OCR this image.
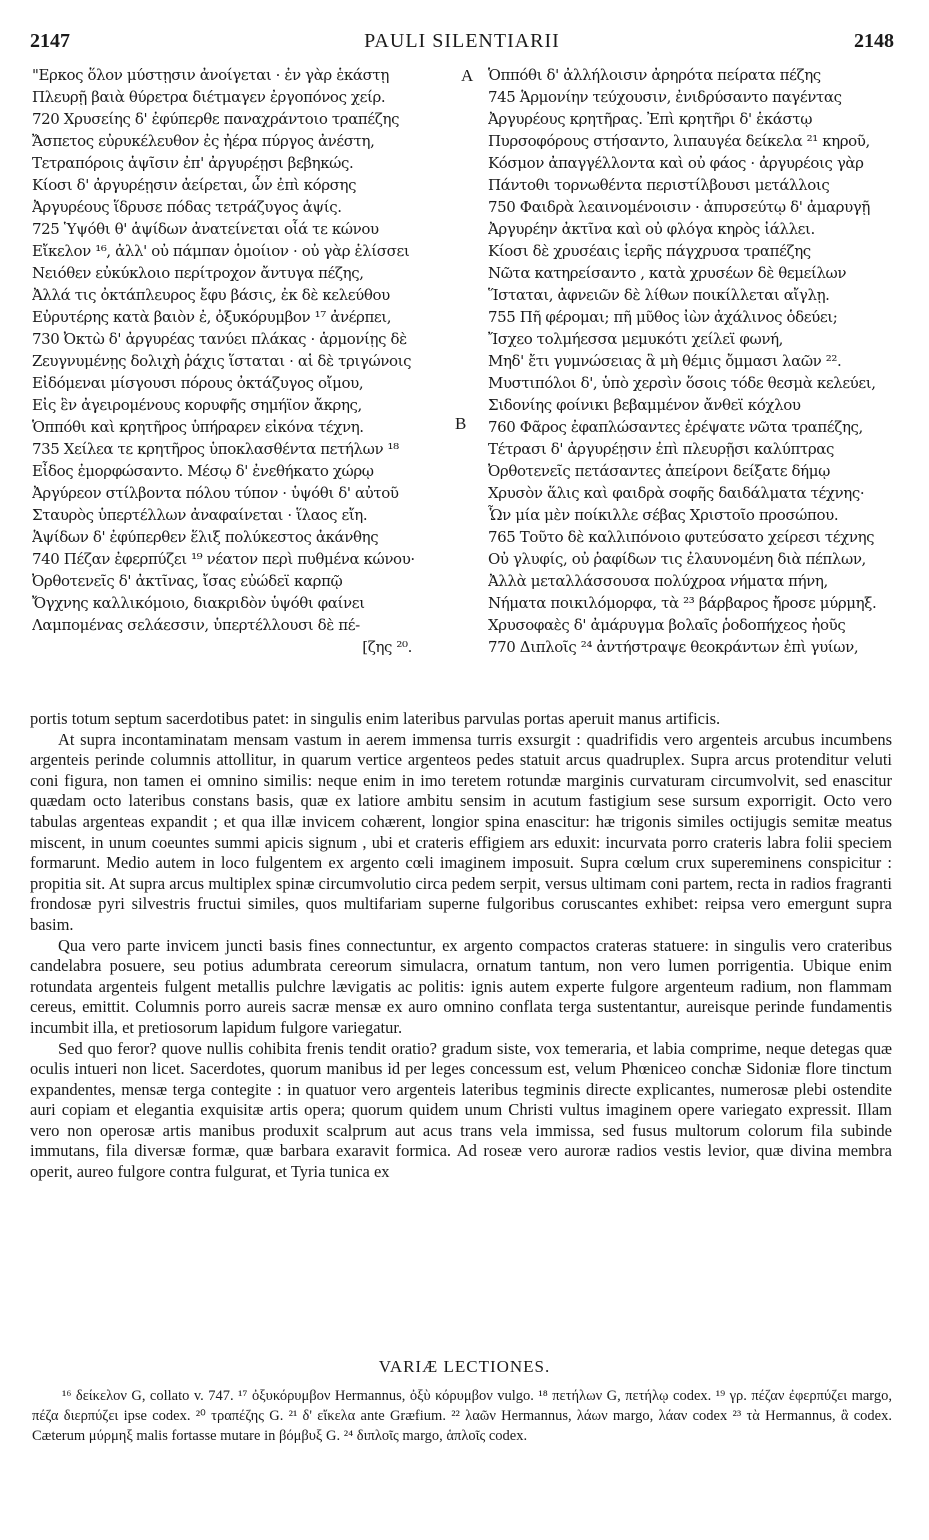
2147	PAULI SILENTIARII	2148
A
B
"Ερκος ὅλον μύστῃσιν ἀνοίγεται · ἐν γὰρ ἑκάστῃ
Πλευρῇ βαιὰ θύρετρα διέτμαγεν ἐργοπόνος χείρ.
720 Χρυσείης δ' ἐφύπερθε παναχράντοιο τραπέζης
Ἄσπετος εὐρυκέλευθον ἐς ἠέρα πύργος ἀνέστη,
Τετραπόροις ἁψῖσιν ἐπ' ἀργυρέῃσι βεβηκώς.
Κίοσι δ' ἀργυρέῃσιν ἀείρεται, ὧν ἐπὶ κόρσης
Ἀργυρέους ἵδρυσε πόδας τετράζυγος ἁψίς.
725 Ὑψόθι θ' ἁψίδων ἀνατείνεται οἷά τε κώνου
Εἴκελον ¹⁶, ἀλλ' οὐ πάμπαν ὁμοίιον · οὐ γὰρ ἑλίσσει
Νειόθεν εὐκύκλοιο περίτροχον ἄντυγα πέζης,
Ἀλλά τις ὀκτάπλευρος ἔφυ βάσις, ἐκ δὲ κελεύθου
Εὐρυτέρης κατὰ βαιὸν ἐ, ὀξυκόρυμβον ¹⁷ ἀνέρπει,
730 Ὀκτὼ δ' ἀργυρέας τανύει πλάκας · ἁρμονίῃς δὲ
Ζευγνυμένῃς δολιχὴ ῥάχις ἵσταται · αἱ δὲ τριγώνοις
Εἰδόμεναι μίσγουσι πόρους ὀκτάζυγος οἴμου,
Εἰς ἓν ἀγειρομένους κορυφῆς σημήϊον ἄκρης,
Ὁππόθι καὶ κρητῆρος ὑπήραρεν εἰκόνα τέχνη.
735 Χείλεα τε κρητῆρος ὑποκλασθέντα πετήλων ¹⁸
Εἶδος ἐμορφώσαντο. Μέσῳ δ' ἐνεθήκατο χώρῳ
Ἀργύρεον στίλβοντα πόλου τύπον · ὑψόθι δ' αὐτοῦ
Σταυρὸς ὑπερτέλλων ἀναφαίνεται · ἵλαος εἴη.
Ἁψίδων δ' ἐφύπερθεν ἕλιξ πολύκεστος ἀκάνθης
740 Πέζαν ἐφερπύζει ¹⁹ νέατον περὶ πυθμένα κώνου·
Ὀρθοτενεῖς δ' ἀκτῖνας, ἴσας εὐώδεϊ καρπῷ
Ὄγχνης καλλικόμοιο, διακριδὸν ὑψόθι φαίνει
Λαμπομένας σελάεσσιν, ὑπερτέλλουσι δὲ πέ-
[ζης ²⁰.
Ὁππόθι δ' ἀλλήλοισιν ἀρηρότα πείρατα πέζης
745 Ἁρμονίην τεύχουσιν, ἐνιδρύσαντο παγέντας
Ἀργυρέους κρητῆρας. Ἐπὶ κρητῆρι δ' ἑκάστῳ
Πυρσοφόρους στήσαντο, λιπαυγέα δείκελα ²¹ κηροῦ,
Κόσμον ἀπαγγέλλοντα καὶ οὐ φάος · ἀργυρέοις γὰρ
Πάντοθι τορνωθέντα περιστίλβουσι μετάλλοις
750 Φαιδρὰ λεαινομένοισιν · ἀπυρσεύτῳ δ' ἀμαρυγῇ
Ἀργυρέην ἀκτῖνα καὶ οὐ φλόγα κηρὸς ἰάλλει.
Κίοσι δὲ χρυσέαις ἱερῆς πάγχρυσα τραπέζης
Νῶτα κατηρείσαντο , κατὰ χρυσέων δὲ θεμείλων
Ἵσταται, ἀφνειῶν δὲ λίθων ποικίλλεται αἴγλῃ.
755 Πῆ φέρομαι; πῆ μῦθος ἰὼν ἀχάλινος ὁδεύει;
Ἴσχεο τολμήεσσα μεμυκότι χείλεϊ φωνή,
Μηδ' ἔτι γυμνώσειας ἃ μὴ θέμις ὄμμασι λαῶν ²².
Μυστιπόλοι δ', ὑπὸ χερσὶν ὅσοις τόδε θεσμὰ κελεύει,
Σιδονίης φοίνικι βεβαμμένον ἄνθεϊ κόχλου
760 Φᾶρος ἐφαπλώσαντες ἐρέψατε νῶτα τραπέζης,
Τέτρασι δ' ἀργυρέῃσιν ἐπὶ πλευρῇσι καλύπτρας
Ὀρθοτενεῖς πετάσαντες ἀπείρονι δείξατε δήμῳ
Χρυσὸν ἅλις καὶ φαιδρὰ σοφῆς δαιδάλματα τέχνης·
Ὧν μία μὲν ποίκιλλε σέβας Χριστοῖο προσώπου.
765 Τοῦτο δὲ καλλιπόνοιο φυτεύσατο χείρεσι τέχνης
Οὐ γλυφίς, οὐ ῥαφίδων τις ἐλαυνομένη διὰ πέπλων,
Ἀλλὰ μεταλλάσσουσα πολύχροα νήματα πήνη,
Νήματα ποικιλόμορφα, τὰ ²³ βάρβαρος ἤροσε μύρμηξ.
Χρυσοφαὲς δ' ἀμάρυγμα βολαῖς ῥοδοπήχεος ἠοῦς
770 Διπλοῖς ²⁴ ἀντήστραψε θεοκράντων ἐπὶ γυίων,

portis totum septum sacerdotibus patet: in singulis enim lateribus parvulas portas aperuit manus artificis.

At supra incontaminatam mensam vastum in aerem immensa turris exsurgit : quadrifidis vero argenteis arcubus incumbens argenteis perinde columnis attollitur, in quarum vertice argenteos pedes statuit arcus quadruplex. Supra arcus protenditur veluti coni figura, non tamen ei omnino similis: neque enim in imo teretem rotundæ marginis curvaturam circumvolvit, sed enascitur quædam octo lateribus constans basis, quæ ex latiore ambitu sensim in acutum fastigium sese sursum exporrigit. Octo vero tabulas argenteas expandit ; et qua illæ invicem cohærent, longior spina enascitur: hæ trigonis similes octijugis semitæ meatus miscent, in unum coeuntes summi apicis signum , ubi et crateris effigiem ars eduxit: incurvata porro crateris labra folii speciem formarunt. Medio autem in loco fulgentem ex argento cœli imaginem imposuit. Supra cœlum crux supereminens conspicitur : propitia sit. At supra arcus multiplex spinæ circumvolutio circa pedem serpit, versus ultimam coni partem, recta in radios fragranti frondosæ pyri silvestris fructui similes, quos multifariam superne fulgoribus coruscantes exhibet: reipsa vero emergunt supra basim.

Qua vero parte invicem juncti basis fines connectuntur, ex argento compactos crateras statuere: in singulis vero crateribus candelabra posuere, seu potius adumbrata cereorum simulacra, ornatum tantum, non vero lumen porrigentia. Ubique enim rotundata argenteis fulgent metallis pulchre lævigatis ac politis: ignis autem experte fulgore argenteum radium, non flammam cereus, emittit. Columnis porro aureis sacræ mensæ ex auro omnino conflata terga sustentantur, aureisque perinde fundamentis incumbit illa, et pretiosorum lapidum fulgore variegatur.

Sed quo feror? quove nullis cohibita frenis tendit oratio? gradum siste, vox temeraria, et labia comprime, neque detegas quæ oculis intueri non licet. Sacerdotes, quorum manibus id per leges concessum est, velum Phœniceo conchæ Sidoniæ flore tinctum expandentes, mensæ terga contegite : in quatuor vero argenteis lateribus tegminis directe explicantes, numerosæ plebi ostendite auri copiam et elegantia exquisitæ artis opera; quorum quidem unum Christi vultus imaginem opere variegato expressit. Illam vero non operosæ artis manibus produxit scalprum aut acus trans vela immissa, sed fusus multorum colorum fila subinde immutans, fila diversæ formæ, quæ barbara exaravit formica. Ad roseæ vero auroræ radios vestis levior, quæ divina membra operit, aureo fulgore contra fulgurat, et Tyria tunica ex

VARIÆ LECTIONES.

¹⁶ δείκελον G, collato v. 747. ¹⁷ ὀξυκόρυμβον Hermannus, ὀξὺ κόρυμβον vulgo. ¹⁸ πετήλων G, πετήλῳ codex. ¹⁹ γρ. πέζαν ἐφερπύζει margo, πέζα διερπύζει ipse codex. ²⁰ τραπέζης G. ²¹ δ' εἴκελα ante Græfium. ²² λαῶν Hermannus, λάων margo, λάαν codex ²³ τὰ Hermannus, ἃ codex. Cæterum μύρμηξ malis fortasse mutare in βόμβυξ G. ²⁴ διπλοῖς margo, ἁπλοῖς codex.
